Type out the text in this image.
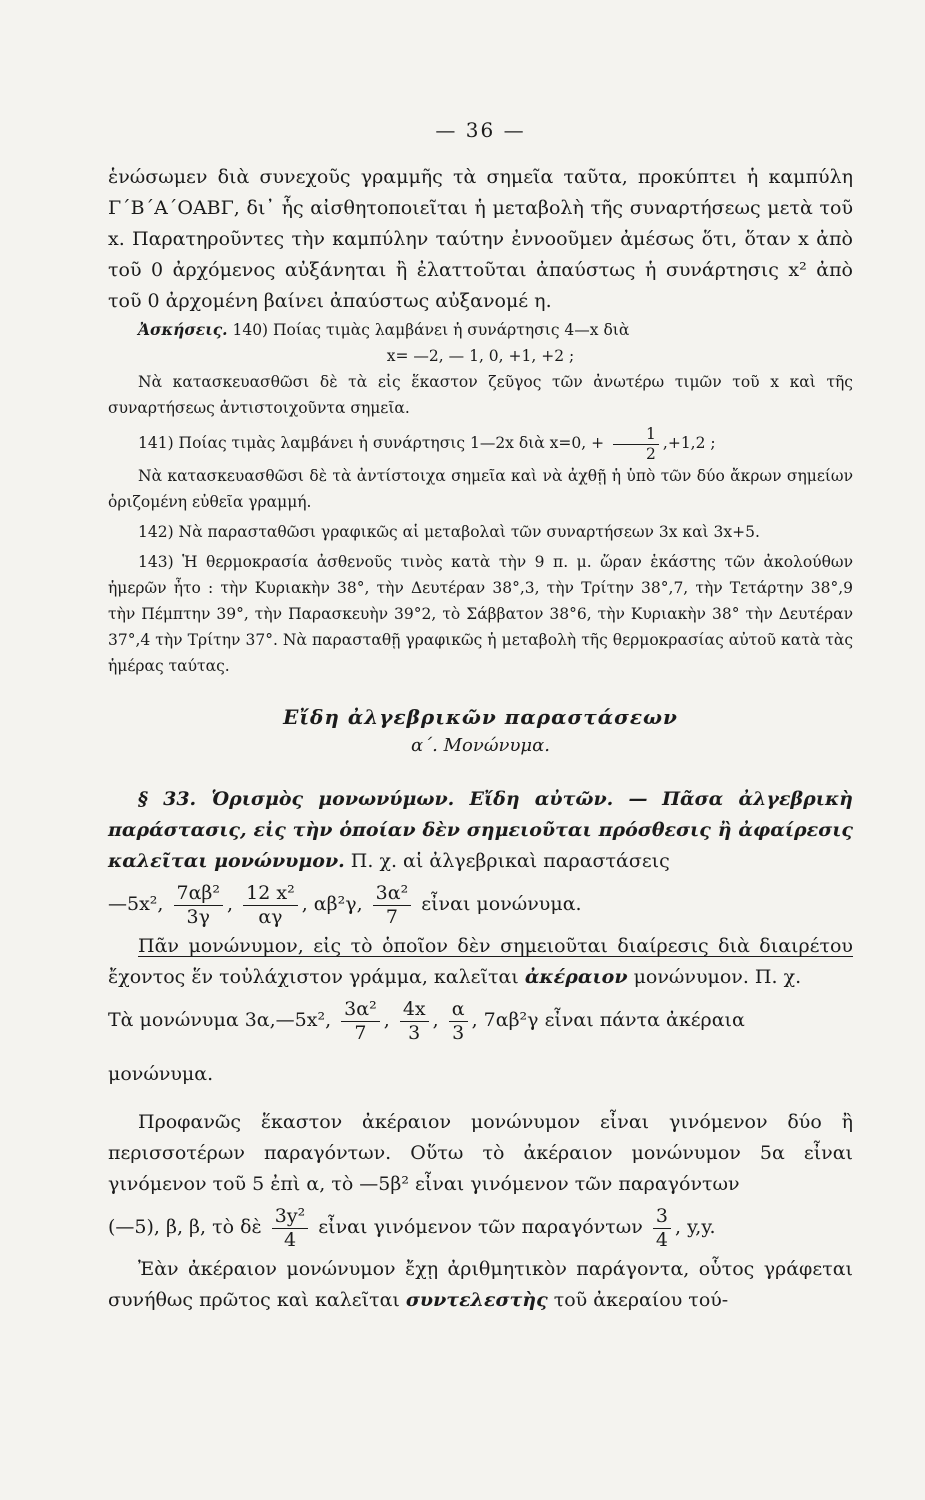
— 36 —

ἑνώσωμεν διὰ συνεχοῦς γραμμῆς τὰ σημεῖα ταῦτα, προκύπτει ἡ καμπύλη Γ΄Β΄Α΄ΟΑΒΓ, δι᾽ ἧς αἰσθητοποιεῖται ἡ μεταβολὴ τῆς συναρτήσεως μετὰ τοῦ x. Παρατηροῦντες τὴν καμπύλην ταύτην ἐννοοῦμεν ἀμέσως ὅτι, ὅταν x ἀπὸ τοῦ 0 ἀρχόμενος αὐξάνηται ἢ ἐλαττοῦται ἀπαύστως ἡ συνάρτησις x² ἀπὸ τοῦ 0 ἀρχομένη βαίνει ἀπαύστως αὐξανομέ η.

Ἀσκήσεις. 140) Ποίας τιμὰς λαμβάνει ἡ συνάρτησις 4—x διὰ

x= —2, — 1, 0, +1, +2 ;

Νὰ κατασκευασθῶσι δὲ τὰ εἰς ἕκαστον ζεῦγος τῶν ἀνωτέρω τιμῶν τοῦ x καὶ τῆς συναρτήσεως ἀντιστοιχοῦντα σημεῖα.

141) Ποίας τιμὰς λαμβάνει ἡ συνάρτησις 1—2x διὰ x=0, + $\frac{1}{2} ,+1,2$ ;

Νὰ κατασκευασθῶσι δὲ τὰ ἀντίστοιχα σημεῖα καὶ νὰ ἀχθῇ ἡ ὑπὸ τῶν δύο ἄκρων σημείων ὁριζομένη εὐθεῖα γραμμή.

142) Νὰ παρασταθῶσι γραφικῶς αἱ μεταβολαὶ τῶν συναρτήσεων 3x καὶ 3x+5.

143) Ἡ θερμοκρασία ἀσθενοῦς τινὸς κατὰ τὴν 9 π. μ. ὥραν ἑκάστης τῶν ἀκολούθων ἡμερῶν ἦτο : τὴν Κυριακὴν 38°, τὴν Δευτέραν 38°,3, τὴν Τρίτην 38°,7, τὴν Τετάρτην 38°,9 τὴν Πέμπτην 39°, τὴν Παρασκευὴν 39°2, τὸ Σάββατον 38°6, τὴν Κυριακὴν 38° τὴν Δευτέραν 37°,4 τὴν Τρίτην 37°. Νὰ παρασταθῇ γραφικῶς ἡ μεταβολὴ τῆς θερμοκρασίας αὐτοῦ κατὰ τὰς ἡμέρας ταύτας.

Εἴδη ἀλγεβρικῶν παραστάσεων
α΄. Μονώνυμα.

§ 33. Ὁρισμὸς μονωνύμων. Εἴδη αὐτῶν. — Πᾶσα ἀλγεβρικὴ παράστασις, εἰς τὴν ὁποίαν δὲν σημειοῦται πρόσθεσις ἢ ἀφαίρεσις καλεῖται μονώνυμον. Π. χ. αἱ ἀλγεβρικαὶ παραστάσεις

—5x², $\frac{\text{7αβ²}}{3\gamma}$ , $\frac{\text{12 x²}}{\alpha\gamma}$ , αβ²γ, $\frac{\text{3α²}}{7}$ εἶναι μονώνυμα.

Πᾶν μονώνυμον, εἰς τὸ ὁποῖον δὲν σημειοῦται διαίρεσις διὰ διαιρέτου ἔχοντος ἕν τοὐλάχιστον γράμμα, καλεῖται ἀκέραιον μονώνυμον. Π. χ.

Τὰ μονώνυμα 3α,—5x², $\frac{\text{3α²}}{7}$ , $\frac{4x}{3}$ , $\frac{\alpha}{3}$ , 7αβ²γ εἶναι πάντα ἀκέραια μονώνυμα.

Προφανῶς ἕκαστον ἀκέραιον μονώνυμον εἶναι γινόμενον δύο ἢ περισσοτέρων παραγόντων. Οὕτω τὸ ἀκέραιον μονώνυμον 5α εἶναι γινόμενον τοῦ 5 ἐπὶ α, τὸ —5β² εἶναι γινόμενον τῶν παραγόντων

(—5), β, β, τὸ δὲ $\frac{\text{3y²}}{4}$ εἶναι γινόμενον τῶν παραγόντων $\frac{3}{4}$ , y,y.

Ἐὰν ἀκέραιον μονώνυμον ἔχῃ ἀριθμητικὸν παράγοντα, οὗτος γράφεται συνήθως πρῶτος καὶ καλεῖται συντελεστὴς τοῦ ἀκεραίου τού-
